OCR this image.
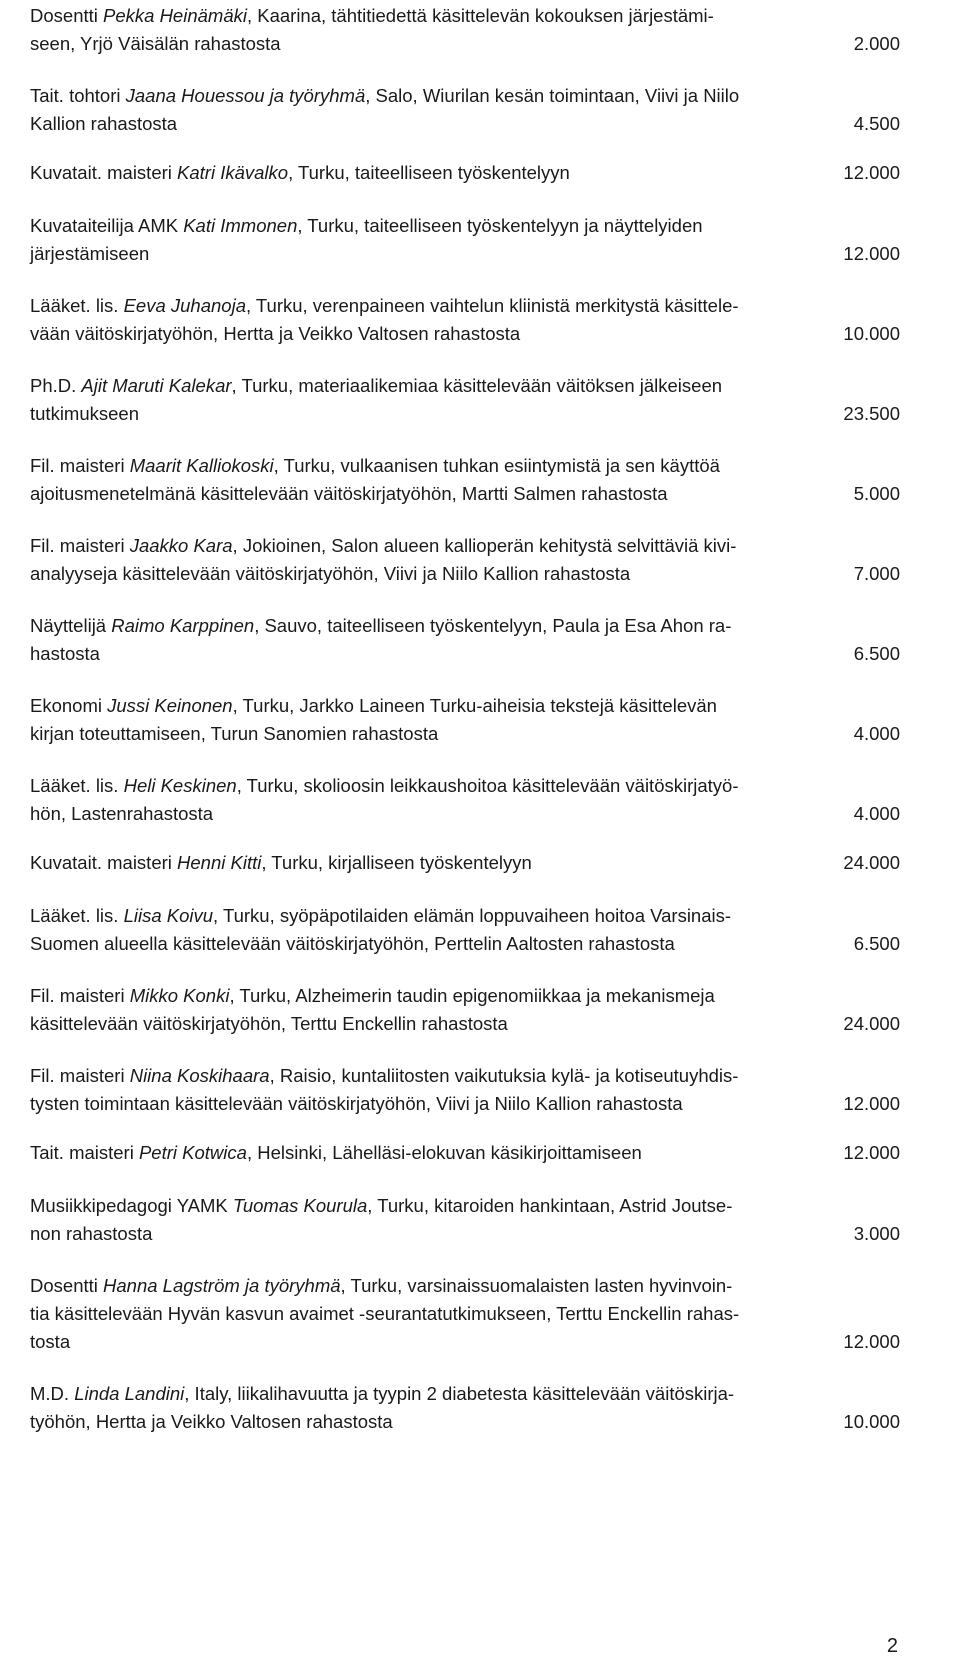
Dosentti Pekka Heinämäki, Kaarina, tähtitiedettä käsittelevän kokouksen järjestämi-
seen, Yrjö Väisälän rahastosta	2.000
Tait. tohtori Jaana Houessou ja työryhmä, Salo, Wiurilan kesän toimintaan, Viivi ja Niilo
Kallion rahastosta	4.500
Kuvatait. maisteri Katri Ikävalko, Turku, taiteelliseen työskentelyyn	12.000
Kuvataiteilija AMK Kati Immonen, Turku, taiteelliseen työskentelyyn ja näyttelyiden
järjestämiseen	12.000
Lääket. lis. Eeva Juhanoja, Turku, verenpaineen vaihtelun kliinistä merkitystä käsittele-
vään väitöskirjatyöhön, Hertta ja Veikko Valtosen rahastosta	10.000
Ph.D. Ajit Maruti Kalekar, Turku, materiaalikemiaa käsittelevään väitöksen jälkeiseen
tutkimukseen	23.500
Fil. maisteri Maarit Kalliokoski, Turku, vulkaanisen tuhkan esiintymistä ja sen käyttöä
ajoitusmenetelmänä käsittelevään väitöskirjatyöhön, Martti Salmen rahastosta	5.000
Fil. maisteri Jaakko Kara, Jokioinen, Salon alueen kallioperän kehitystä selvittäviä kivi-
analyyseja käsittelevään väitöskirjatyöhön, Viivi ja Niilo Kallion rahastosta	7.000
Näyttelijä Raimo Karppinen, Sauvo, taiteelliseen työskentelyyn, Paula ja Esa Ahon ra-
hastosta	6.500
Ekonomi Jussi Keinonen, Turku, Jarkko Laineen Turku-aiheisia tekstejä käsittelevän
kirjan toteuttamiseen, Turun Sanomien rahastosta	4.000
Lääket. lis. Heli Keskinen, Turku, skolioosin leikkaushoitoa käsittelevään väitöskirjatyö-
hön, Lastenrahastosta	4.000
Kuvatait. maisteri Henni Kitti, Turku, kirjalliseen työskentelyyn	24.000
Lääket. lis. Liisa Koivu, Turku, syöpäpotilaiden elämän loppuvaiheen hoitoa Varsinais-
Suomen alueella käsittelevään väitöskirjatyöhön, Perttelin Aaltosten rahastosta	6.500
Fil. maisteri Mikko Konki, Turku, Alzheimerin taudin epigenomiikkaa ja mekanismeja
käsittelevään väitöskirjatyöhön, Terttu Enckellin rahastosta	24.000
Fil. maisteri Niina Koskihaara, Raisio, kuntaliitosten vaikutuksia kylä- ja kotiseutuyhdis-
tysten toimintaan käsittelevään väitöskirjatyöhön, Viivi ja Niilo Kallion rahastosta	12.000
Tait. maisteri Petri Kotwica, Helsinki, Lähelläsi-elokuvan käsikirjoittamiseen	12.000
Musiikkipedagogi YAMK Tuomas Kourula, Turku, kitaroiden hankintaan, Astrid Joutse-
non rahastosta	3.000
Dosentti Hanna Lagström ja työryhmä, Turku, varsinaissuomalaisten lasten hyvinvoin-
tia käsittelevään Hyvän kasvun avaimet -seurantatutkimukseen, Terttu Enckellin rahas-
tosta	12.000
M.D. Linda Landini, Italy, liikalihavuutta ja tyypin 2 diabetesta käsittelevään väitöskirja-
työhön, Hertta ja Veikko Valtosen rahastosta	10.000
2
